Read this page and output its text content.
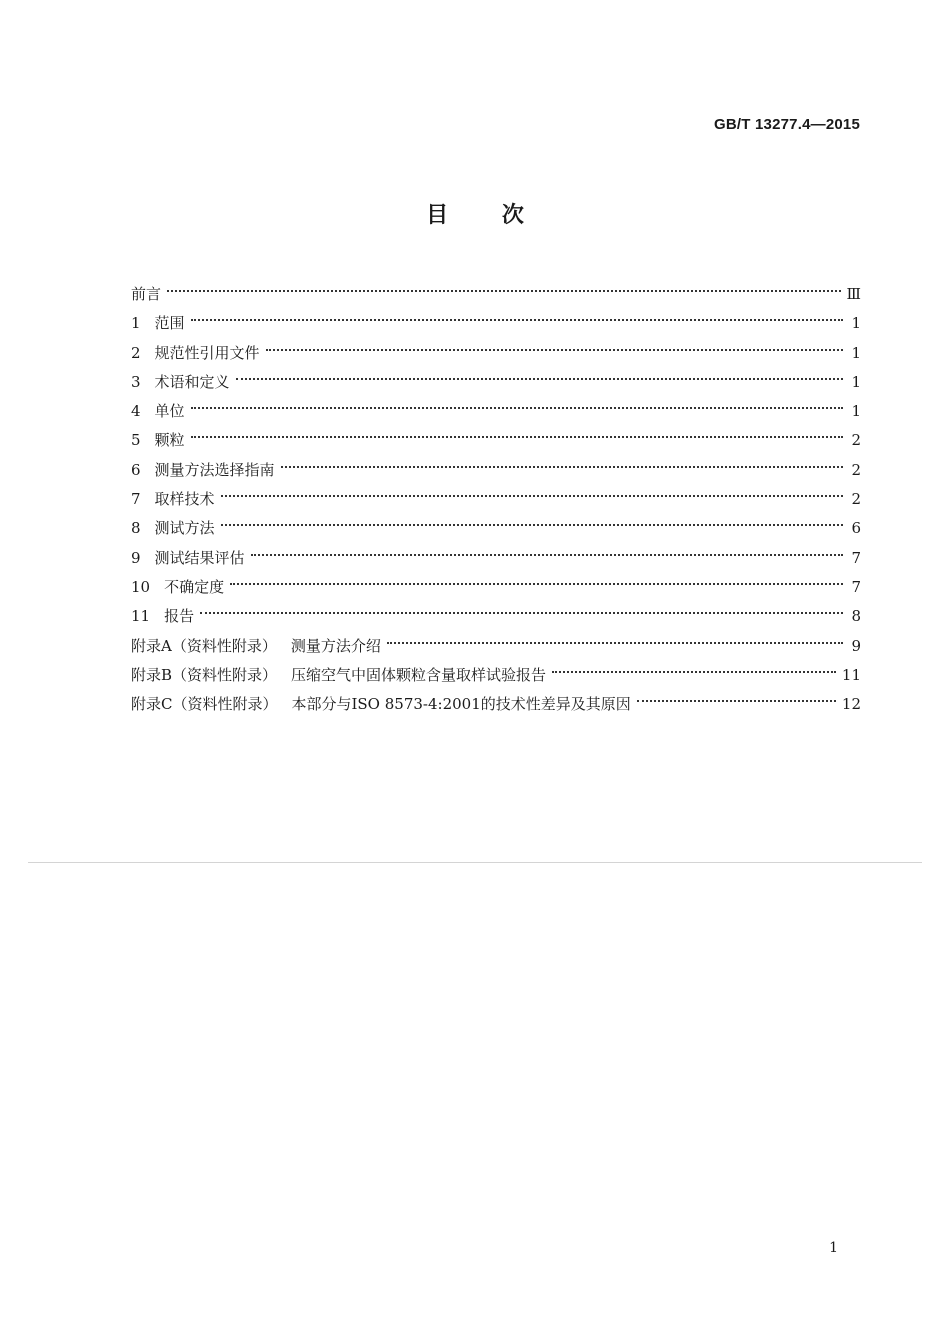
GB/T 13277.4—2015
目 次
前言	Ⅲ
1 范围	1
2 规范性引用文件	1
3 术语和定义	1
4 单位	1
5 颗粒	2
6 测量方法选择指南	2
7 取样技术	2
8 测试方法	6
9 测试结果评估	7
10 不确定度	7
11 报告	8
附录A（资料性附录） 测量方法介绍	9
附录B（资料性附录） 压缩空气中固体颗粒含量取样试验报告	11
附录C（资料性附录） 本部分与ISO 8573-4:2001的技术性差异及其原因	12
1
